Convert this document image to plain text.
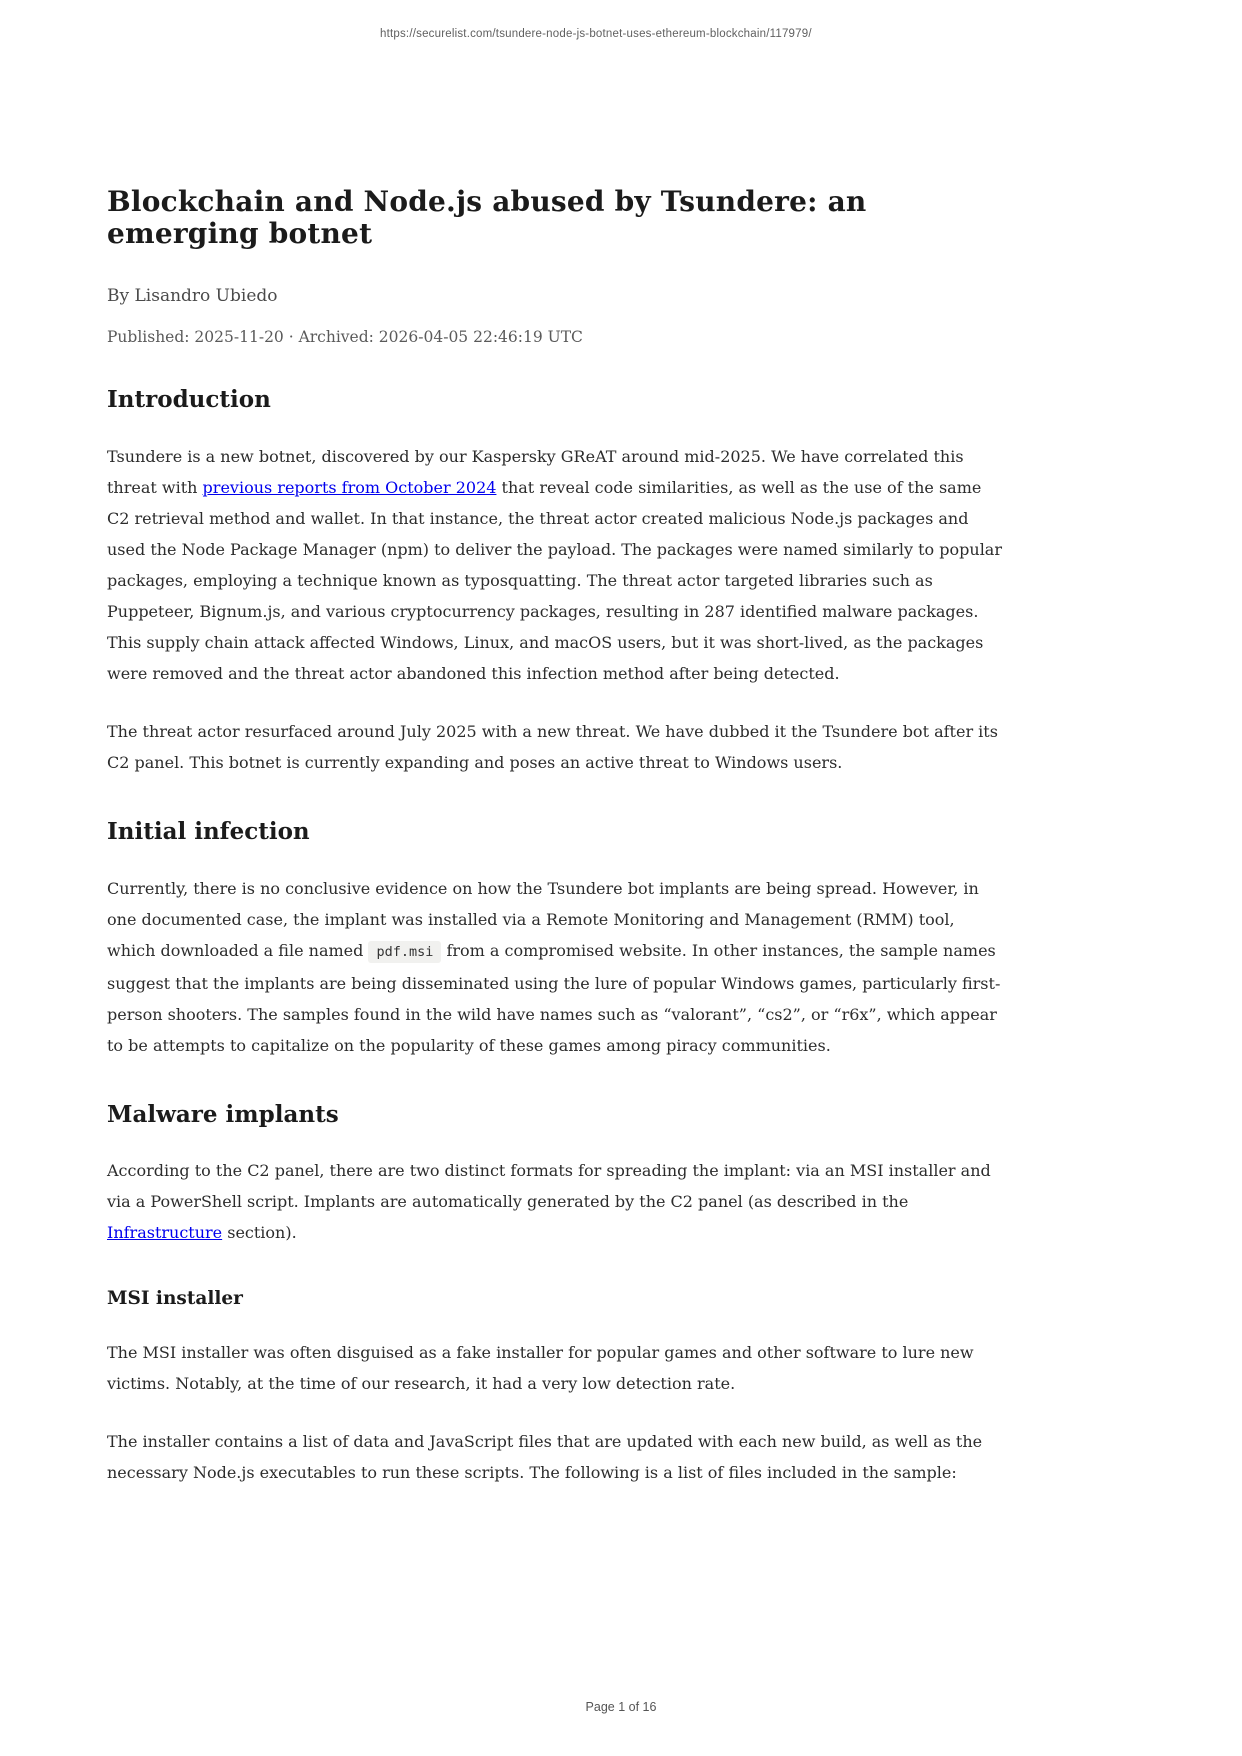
https://securelist.com/tsundere-node-js-botnet-uses-ethereum-blockchain/117979/
Blockchain and Node.js abused by Tsundere: an emerging botnet
By Lisandro Ubiedo
Published: 2025-11-20 · Archived: 2026-04-05 22:46:19 UTC
Introduction

Tsundere is a new botnet, discovered by our Kaspersky GReAT around mid-2025. We have correlated this threat with previous reports from October 2024 that reveal code similarities, as well as the use of the same C2 retrieval method and wallet. In that instance, the threat actor created malicious Node.js packages and used the Node Package Manager (npm) to deliver the payload. The packages were named similarly to popular packages, employing a technique known as typosquatting. The threat actor targeted libraries such as Puppeteer, Bignum.js, and various cryptocurrency packages, resulting in 287 identified malware packages. This supply chain attack affected Windows, Linux, and macOS users, but it was short-lived, as the packages were removed and the threat actor abandoned this infection method after being detected.

The threat actor resurfaced around July 2025 with a new threat. We have dubbed it the Tsundere bot after its C2 panel. This botnet is currently expanding and poses an active threat to Windows users.

Initial infection

Currently, there is no conclusive evidence on how the Tsundere bot implants are being spread. However, in one documented case, the implant was installed via a Remote Monitoring and Management (RMM) tool, which downloaded a file named pdf.msi from a compromised website. In other instances, the sample names suggest that the implants are being disseminated using the lure of popular Windows games, particularly first-person shooters. The samples found in the wild have names such as “valorant”, “cs2”, or “r6x”, which appear to be attempts to capitalize on the popularity of these games among piracy communities.

Malware implants

According to the C2 panel, there are two distinct formats for spreading the implant: via an MSI installer and via a PowerShell script. Implants are automatically generated by the C2 panel (as described in the Infrastructure section).

MSI installer

The MSI installer was often disguised as a fake installer for popular games and other software to lure new victims. Notably, at the time of our research, it had a very low detection rate.

The installer contains a list of data and JavaScript files that are updated with each new build, as well as the necessary Node.js executables to run these scripts. The following is a list of files included in the sample:

Page 1 of 16
